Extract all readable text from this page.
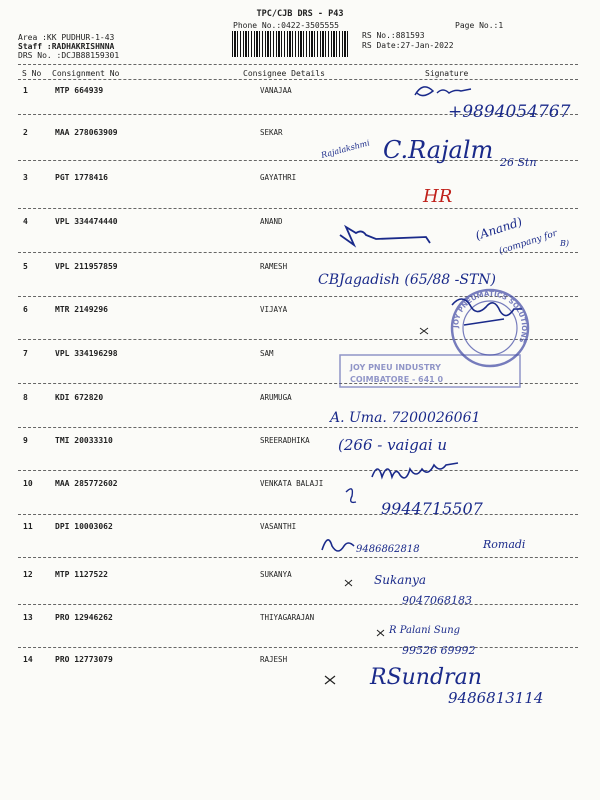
TPC/CJB DRS - P43
Phone No.:0422-3505555	Page No.:1
Area :KK PUDHUR-1-43
Staff :RADHAKRISHNNA
DRS No. :DCJB88159301
RS No.:881593
RS Date:27-Jan-2022
S No Consignment No	Consignee Details	Signature
1	MTP 664939	VANAJAA
2	MAA 278063909	SEKAR
3	PGT 1778416	GAYATHRI
4	VPL 334474440	ANAND
5	VPL 211957859	RAMESH
6	MTR 2149296	VIJAYA
7	VPL 334196298	SAM
8	KDI 672820	ARUMUGA
9	TMI 20033310	SREERADHIKA
10	MAA 285772602	VENKATA BALAJI
11	DPI 10003062	VASANTHI
12	MTP 1127522	SUKANYA
13	PRO 12946262	THIYAGARAJAN
14	PRO 12773079	RAJESH
JOY PNEUMATICS SOLUTIONS
JOY PNEU INDUSTRY
COIMBATORE - 641 0
+9894054767
Rajalakshmi C.Rajalm 26 Stn
HR
(Anand)
(company for B)
CBJagadish (65/88 -STN)
A. Uma. 7200026061
(266 - vaigai u
9944715507
9486862818	Romadi
Sukanya
9047068183
R Palani Sung
99526 69992
RSundran
9486813114
